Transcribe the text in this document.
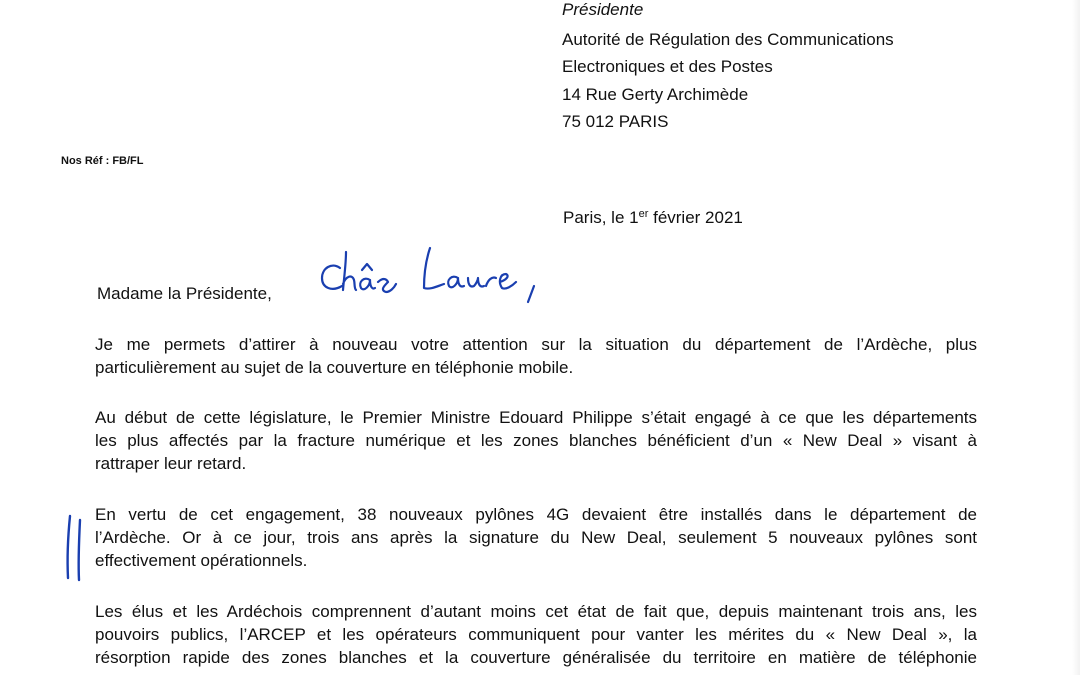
Présidente
Autorité de Régulation des Communications
Electroniques et des Postes
14 Rue Gerty Archimède
75 012 PARIS
Nos Réf : FB/FL
Paris, le 1er février 2021
Madame la Présidente,
Je me permets d’attirer à nouveau votre attention sur la situation du département de l’Ardèche, plus
particulièrement au sujet de la couverture en téléphonie mobile.
Au début de cette législature, le Premier Ministre Edouard Philippe s’était engagé à ce que les départements
les plus affectés par la fracture numérique et les zones blanches bénéficient d’un « New Deal » visant à
rattraper leur retard.
En vertu de cet engagement, 38 nouveaux pylônes 4G devaient être installés dans le département de
l’Ardèche. Or à ce jour, trois ans après la signature du New Deal, seulement 5 nouveaux pylônes sont
effectivement opérationnels.
Les élus et les Ardéchois comprennent d’autant moins cet état de fait que, depuis maintenant trois ans, les
pouvoirs publics, l’ARCEP et les opérateurs communiquent pour vanter les mérites du « New Deal », la
résorption rapide des zones blanches et la couverture généralisée du territoire en matière de téléphonie
